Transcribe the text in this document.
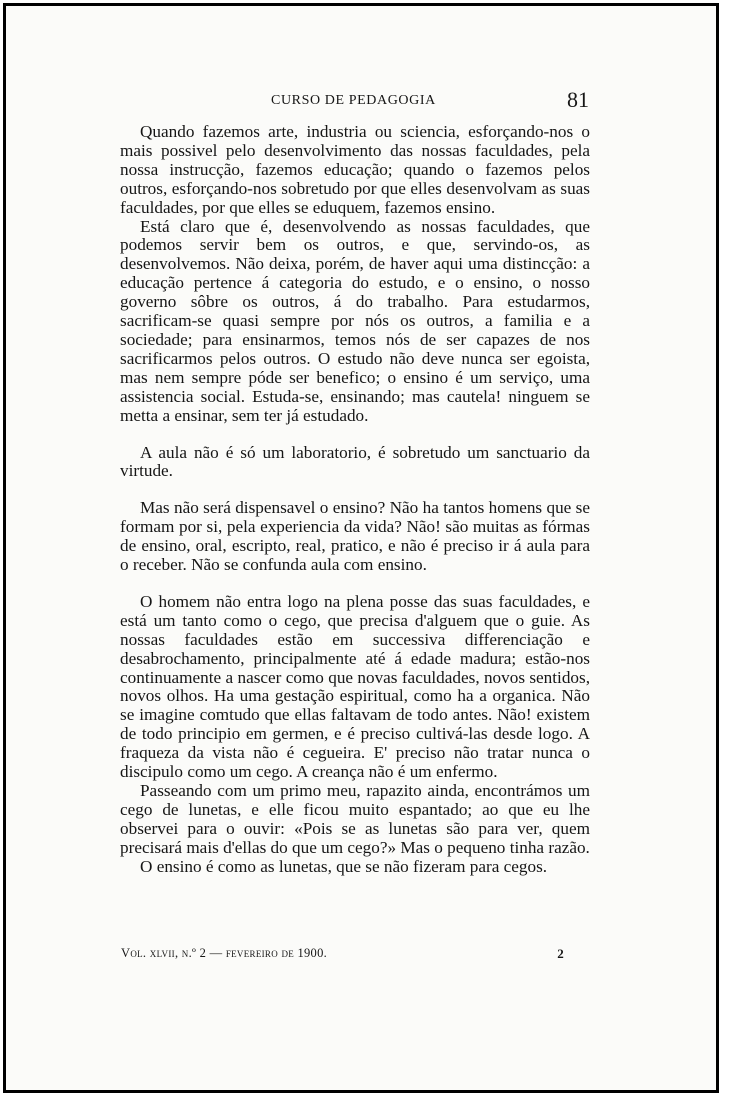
CURSO DE PEDAGOGIA	81

Quando fazemos arte, industria ou sciencia, esforçando-nos o mais possivel pelo desenvolvimento das nossas faculdades, pela nossa instrucção, fazemos educação; quando o fazemos pelos outros, esforçando-nos sobretudo por que elles desenvolvam as suas faculdades, por que elles se eduquem, fazemos ensino.

Está claro que é, desenvolvendo as nossas faculdades, que podemos servir bem os outros, e que, servindo-os, as desenvolvemos. Não deixa, porém, de haver aqui uma distincção: a educação pertence á categoria do estudo, e o ensino, o nosso governo sôbre os outros, á do trabalho. Para estudarmos, sacrificam-se quasi sempre por nós os outros, a familia e a sociedade; para ensinarmos, temos nós de ser capazes de nos sacrificarmos pelos outros. O estudo não deve nunca ser egoista, mas nem sempre póde ser benefico; o ensino é um serviço, uma assistencia social. Estuda-se, ensinando; mas cautela! ninguem se metta a ensinar, sem ter já estudado.

A aula não é só um laboratorio, é sobretudo um sanctuario da virtude.

Mas não será dispensavel o ensino? Não ha tantos homens que se formam por si, pela experiencia da vida? Não! são muitas as fórmas de ensino, oral, escripto, real, pratico, e não é preciso ir á aula para o receber. Não se confunda aula com ensino.

O homem não entra logo na plena posse das suas faculdades, e está um tanto como o cego, que precisa d'alguem que o guie. As nossas faculdades estão em successiva differenciação e desabrochamento, principalmente até á edade madura; estão-nos continuamente a nascer como que novas faculdades, novos sentidos, novos olhos. Ha uma gestação espiritual, como ha a organica. Não se imagine comtudo que ellas faltavam de todo antes. Não! existem de todo principio em germen, e é preciso cultivá-las desde logo. A fraqueza da vista não é cegueira. E' preciso não tratar nunca o discipulo como um cego. A creança não é um enfermo.

Passeando com um primo meu, rapazito ainda, encontrámos um cego de lunetas, e elle ficou muito espantado; ao que eu lhe observei para o ouvir: «Pois se as lunetas são para ver, quem precisará mais d'ellas do que um cego?» Mas o pequeno tinha razão.

O ensino é como as lunetas, que se não fizeram para cegos.

Vol. xlvii, n.º 2 — fevereiro de 1900.	2
